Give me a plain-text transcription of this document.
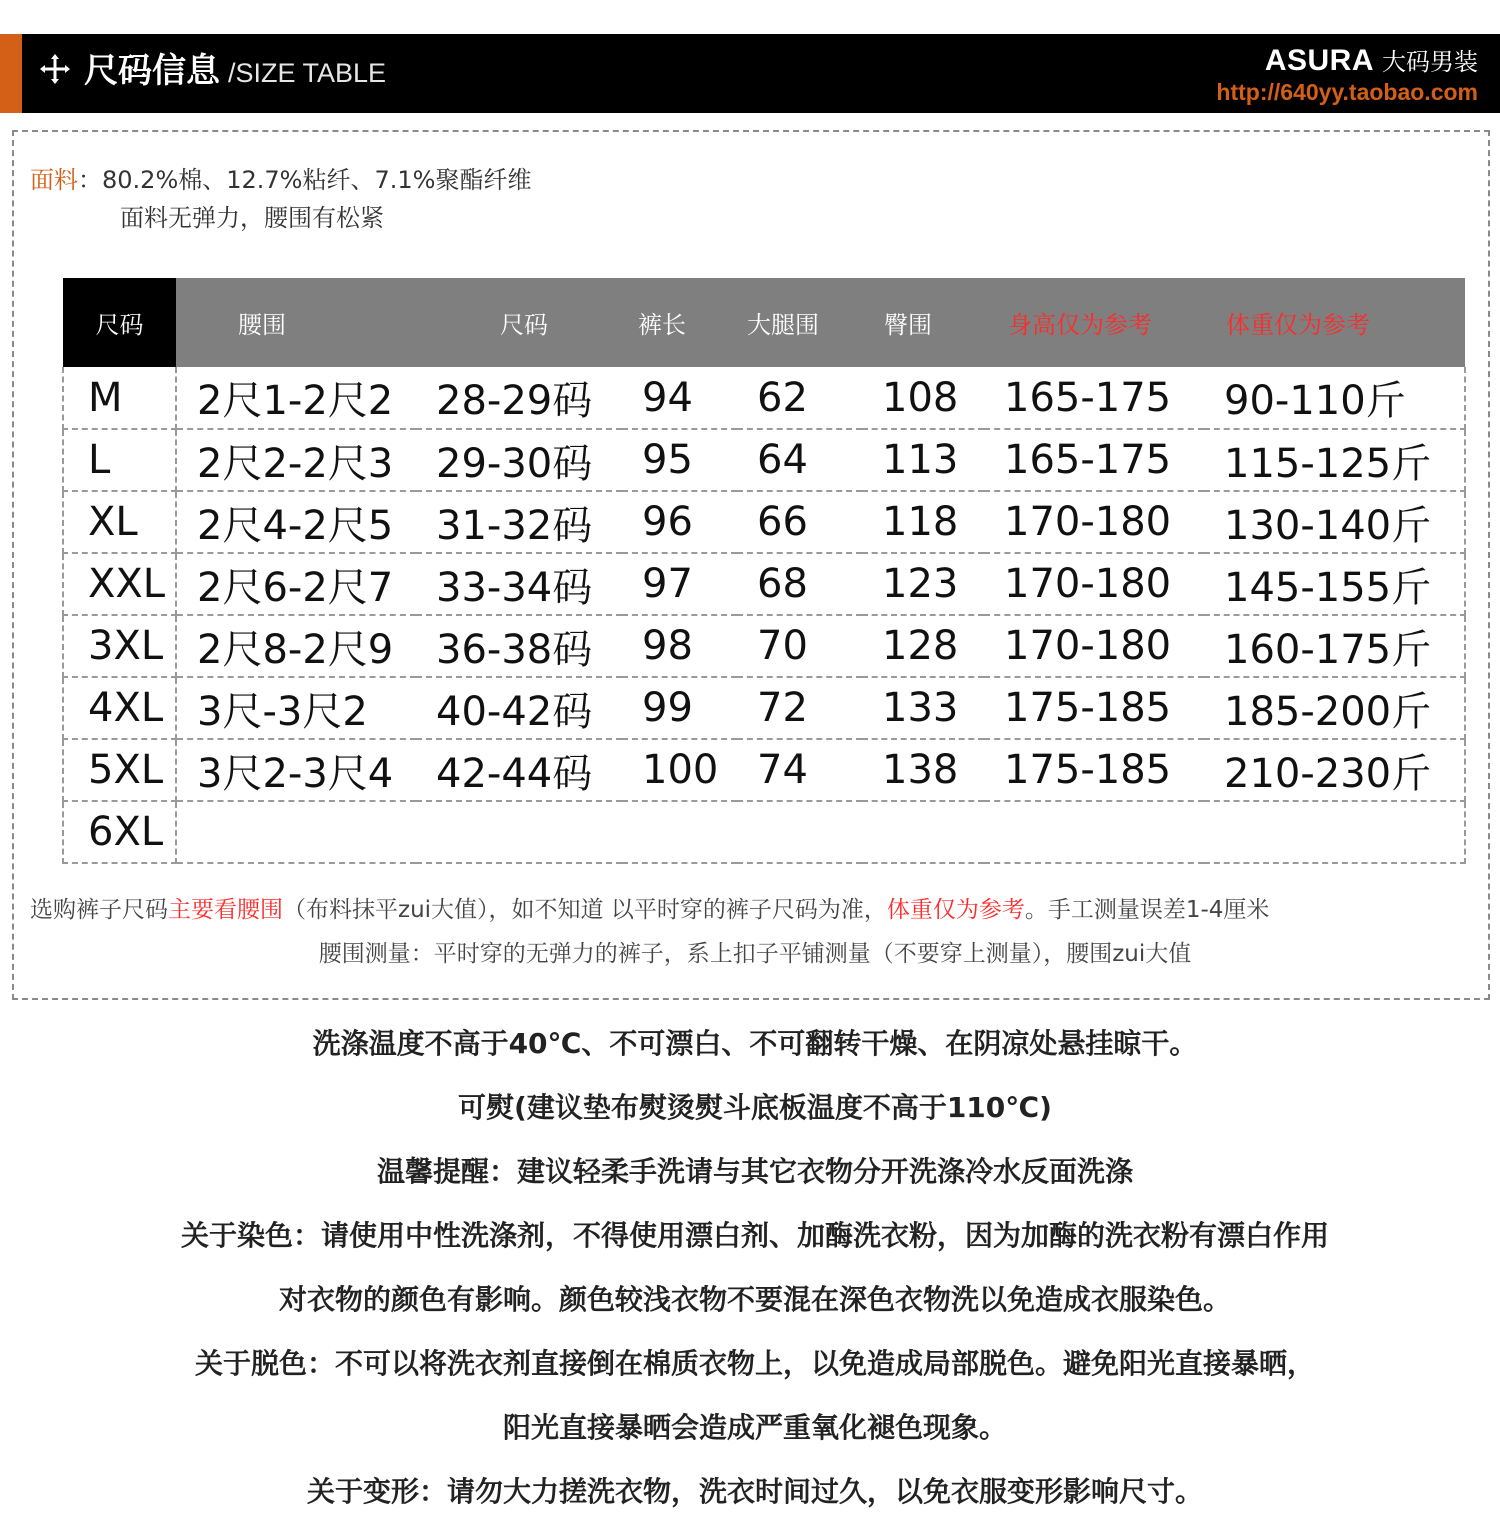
尺码信息 /SIZE TABLE	ASURA 大码男装
http://640yy.taobao.com
面料：80.2%棉、12.7%粘纤、7.1%聚酯纤维
面料无弹力，腰围有松紧
尺码	腰围	尺码	裤长	大腿围	臀围	身高仅为参考	体重仅为参考
M	2尺1-2尺2	28-29码	94	62	108	165-175	90-110斤
L	2尺2-2尺3	29-30码	95	64	113	165-175	115-125斤
XL	2尺4-2尺5	31-32码	96	66	118	170-180	130-140斤
XXL	2尺6-2尺7	33-34码	97	68	123	170-180	145-155斤
3XL	2尺8-2尺9	36-38码	98	70	128	170-180	160-175斤
4XL	3尺-3尺2	40-42码	99	72	133	175-185	185-200斤
5XL	3尺2-3尺4	42-44码	100	74	138	175-185	210-230斤
6XL							
选购裤子尺码主要看腰围（布料抹平zui大值），如不知道 以平时穿的裤子尺码为准，体重仅为参考。手工测量误差1-4厘米
腰围测量：平时穿的无弹力的裤子，系上扣子平铺测量（不要穿上测量），腰围zui大值
洗涤温度不高于40℃、不可漂白、不可翻转干燥、在阴凉处悬挂晾干。
可熨(建议垫布熨烫熨斗底板温度不高于110℃)
温馨提醒：建议轻柔手洗请与其它衣物分开洗涤冷水反面洗涤
关于染色：请使用中性洗涤剂，不得使用漂白剂、加酶洗衣粉，因为加酶的洗衣粉有漂白作用
对衣物的颜色有影响。颜色较浅衣物不要混在深色衣物洗以免造成衣服染色。
关于脱色：不可以将洗衣剂直接倒在棉质衣物上，以免造成局部脱色。避免阳光直接暴晒，
阳光直接暴晒会造成严重氧化褪色现象。
关于变形：请勿大力搓洗衣物，洗衣时间过久，以免衣服变形影响尺寸。
